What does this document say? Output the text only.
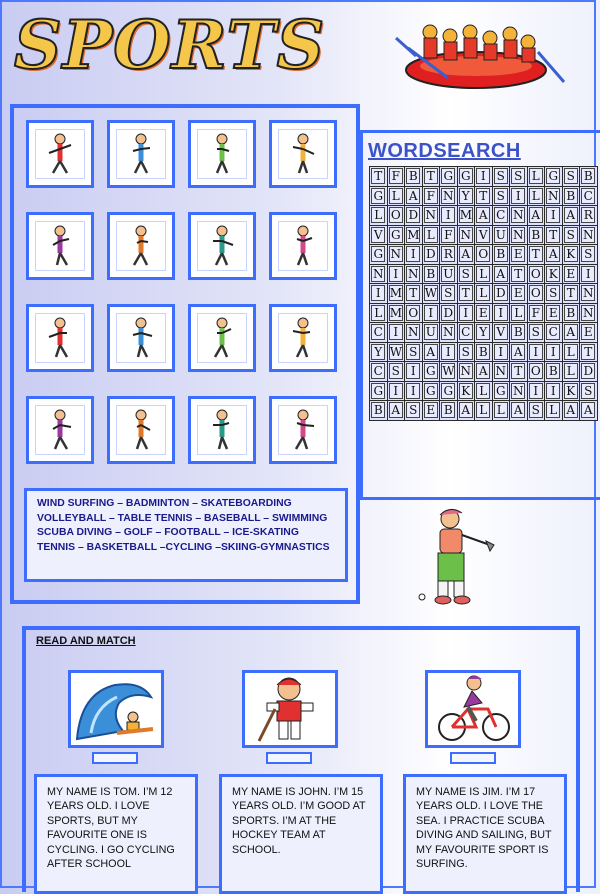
SPORTS
WIND SURFING – BADMINTON – SKATEBOARDING
VOLLEYBALL – TABLE TENNIS – BASEBALL – SWIMMING
SCUBA DIVING – GOLF – FOOTBALL – ICE-SKATING
TENNIS – BASKETBALL –CYCLING –SKIING-GYMNASTICS
WORDSEARCH
T	F	B	T	G	G	I	S	S	L	G	S	B
G	L	A	F	N	Y	T	S	I	L	N	B	C
L	O	D	N	I	M	A	C	N	A	I	A	R
V	G	M	L	F	N	V	U	N	B	T	S	N
G	N	I	D	R	A	O	B	E	T	A	K	S
N	I	N	B	U	S	L	A	T	O	K	E	I
I	M	T	W	S	T	L	D	E	O	S	T	N
L	M	O	I	D	I	E	I	L	F	E	B	N
C	I	N	U	N	C	Y	V	B	S	C	A	E
Y	W	S	A	I	S	B	I	A	I	I	L	T
C	S	I	G	W	N	A	N	T	O	B	L	D
G	I	I	G	G	K	L	G	N	I	I	K	S
B	A	S	E	B	A	L	L	A	S	L	A	A
READ AND MATCH

MY NAME IS TOM. I’M 12 YEARS OLD. I LOVE SPORTS, BUT MY FAVOURITE ONE IS CYCLING. I GO CYCLING AFTER SCHOOL

MY NAME IS JOHN. I’M 15 YEARS OLD. I’M GOOD AT SPORTS. I’M AT THE HOCKEY TEAM AT SCHOOL.

MY NAME IS JIM. I’M 17 YEARS OLD. I LOVE THE SEA. I PRACTICE SCUBA DIVING AND SAILING, BUT MY FAVOURITE SPORT IS SURFING.
